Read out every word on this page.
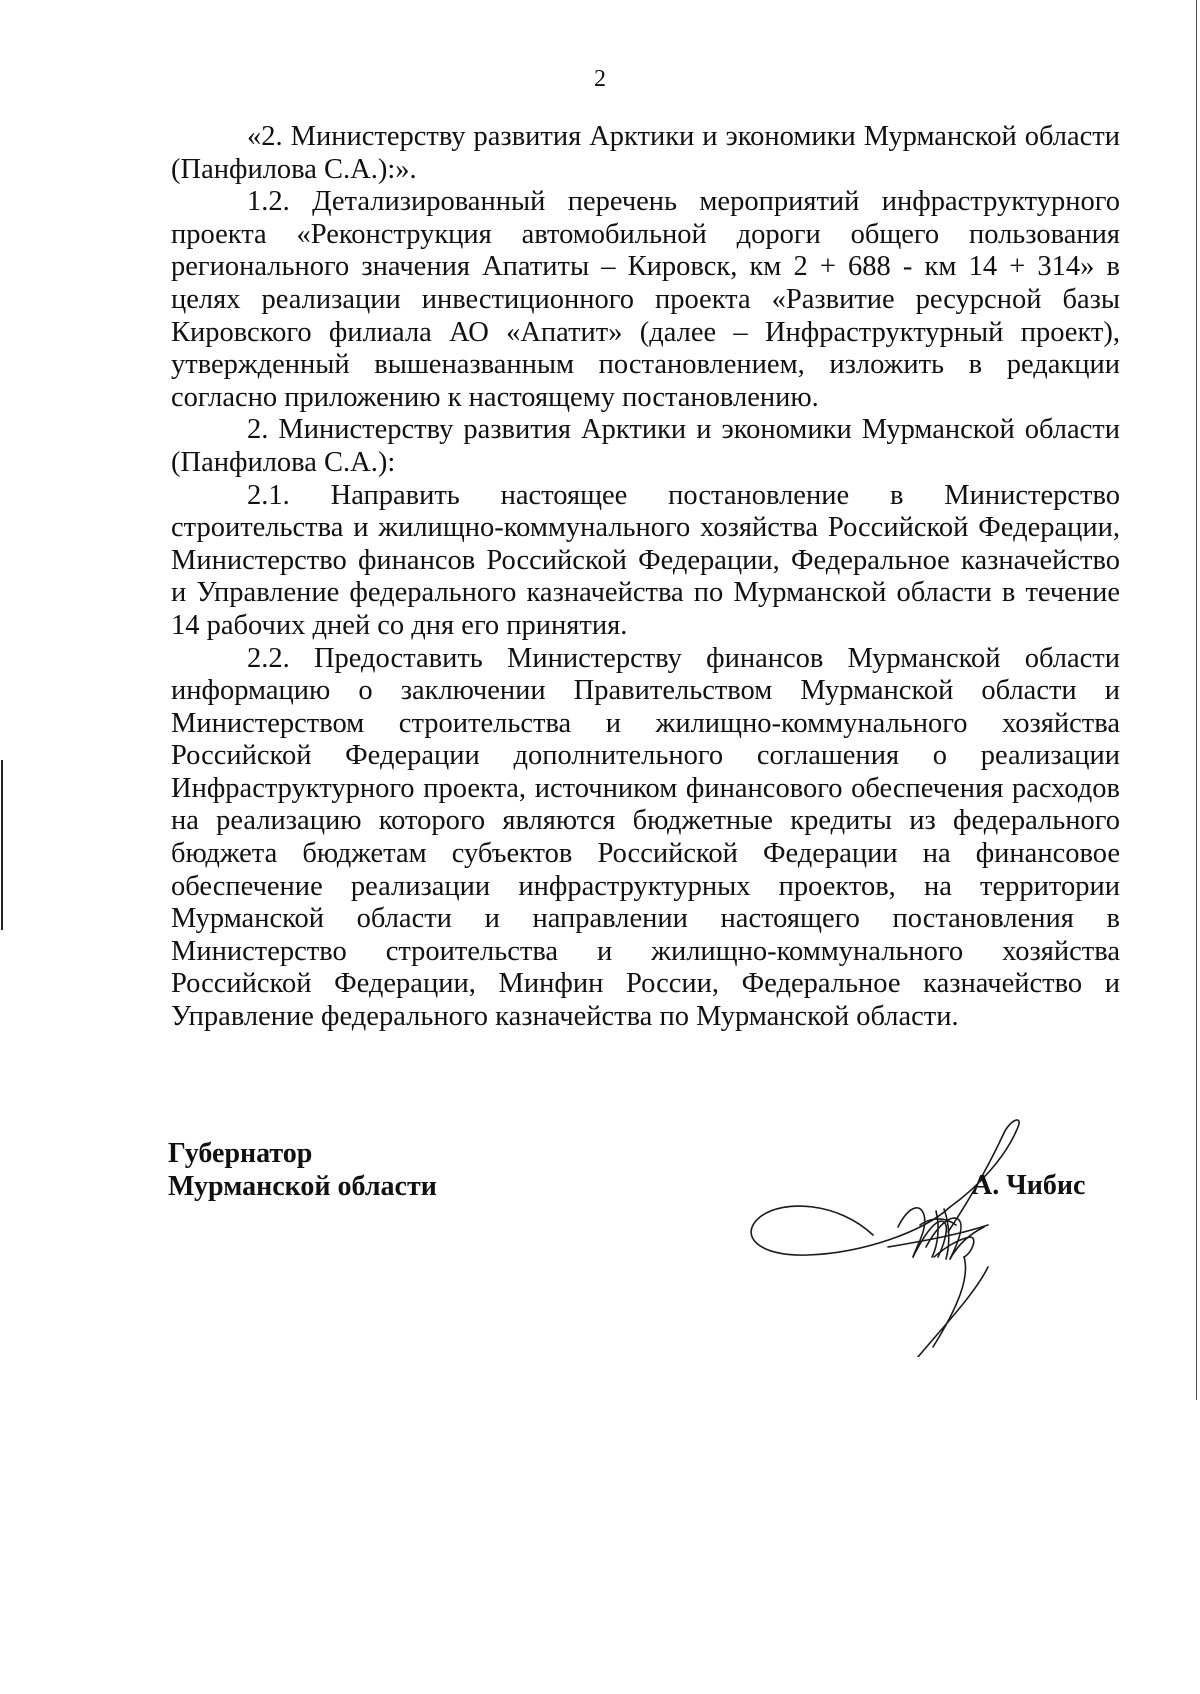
2

«2. Министерству развития Арктики и экономики Мурманской области (Панфилова С.А.):».

1.2. Детализированный перечень мероприятий инфраструктурного проекта «Реконструкция автомобильной дороги общего пользования регионального значения Апатиты – Кировск, км 2 + 688 - км 14 + 314» в целях реализации инвестиционного проекта «Развитие ресурсной базы Кировского филиала АО «Апатит» (далее – Инфраструктурный проект), утвержденный вышеназванным постановлением, изложить в редакции согласно приложению к настоящему постановлению.

2. Министерству развития Арктики и экономики Мурманской области (Панфилова С.А.):

2.1. Направить настоящее постановление в Министерство строительства и жилищно-коммунального хозяйства Российской Федерации, Министерство финансов Российской Федерации, Федеральное казначейство и Управление федерального казначейства по Мурманской области в течение 14 рабочих дней со дня его принятия.

2.2. Предоставить Министерству финансов Мурманской области информацию о заключении Правительством Мурманской области и Министерством строительства и жилищно-коммунального хозяйства Российской Федерации дополнительного соглашения о реализации Инфраструктурного проекта, источником финансового обеспечения расходов на реализацию которого являются бюджетные кредиты из федерального бюджета бюджетам субъектов Российской Федерации на финансовое обеспечение реализации инфраструктурных проектов, на территории Мурманской области и направлении настоящего постановления в Министерство строительства и жилищно-коммунального хозяйства Российской Федерации, Минфин России, Федеральное казначейство и Управление федерального казначейства по Мурманской области.

Губернатор
Мурманской области	А. Чибис
